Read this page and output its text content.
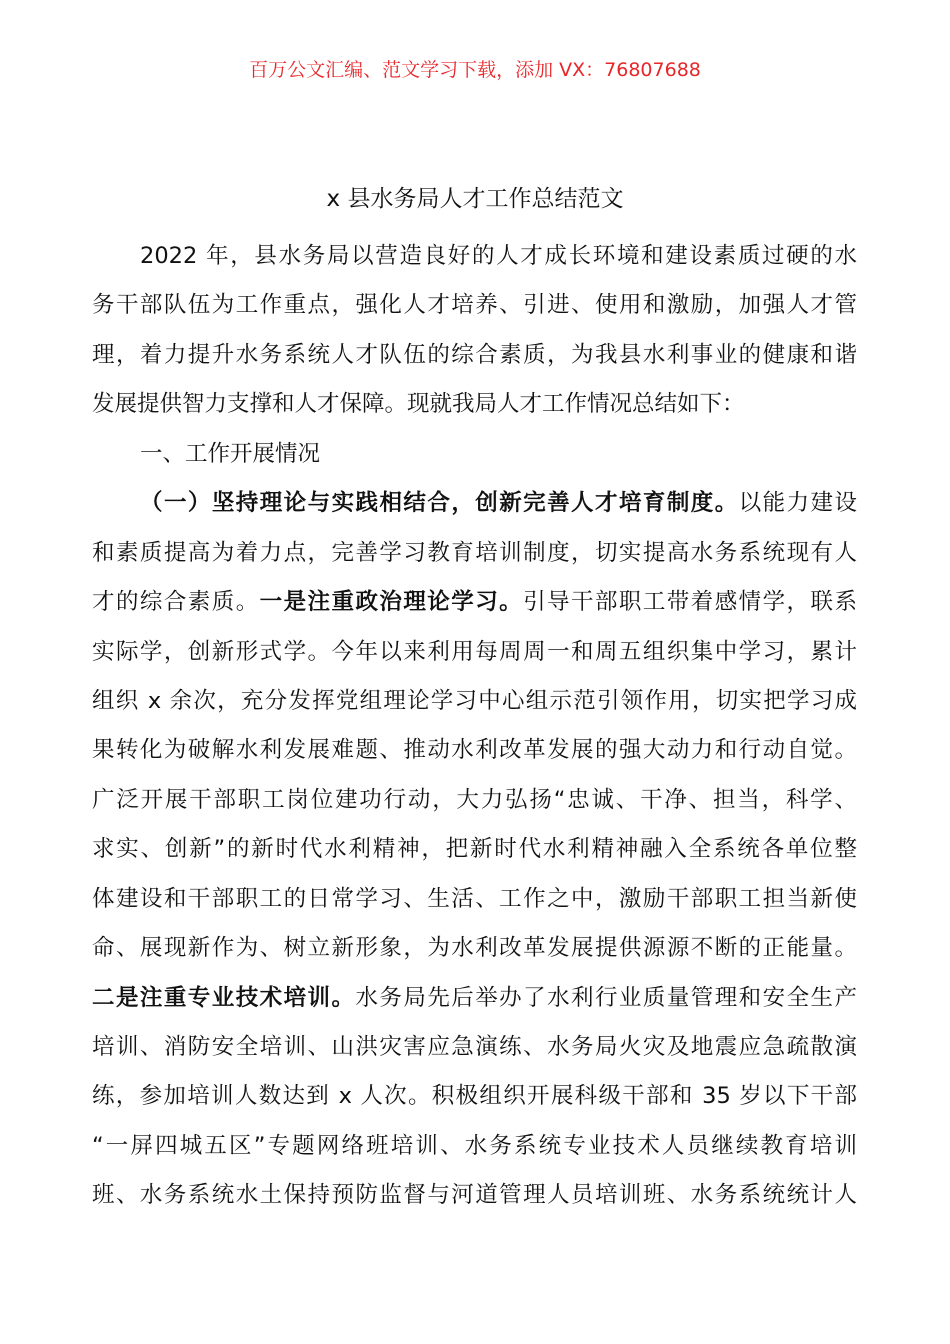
百万公文汇编、范文学习下载，添加 VX：76807688
x 县水务局人才工作总结范文
2022 年，县水务局以营造良好的人才成长环境和建设素质过硬的水
务干部队伍为工作重点，强化人才培养、引进、使用和激励，加强人才管
理，着力提升水务系统人才队伍的综合素质，为我县水利事业的健康和谐
发展提供智力支撑和人才保障。现就我局人才工作情况总结如下：
一、工作开展情况
（一）坚持理论与实践相结合，创新完善人才培育制度。以能力建设
和素质提高为着力点，完善学习教育培训制度，切实提高水务系统现有人
才的综合素质。一是注重政治理论学习。引导干部职工带着感情学，联系
实际学，创新形式学。今年以来利用每周周一和周五组织集中学习，累计
组织 x 余次，充分发挥党组理论学习中心组示范引领作用，切实把学习成
果转化为破解水利发展难题、推动水利改革发展的强大动力和行动自觉。
广泛开展干部职工岗位建功行动，大力弘扬“忠诚、干净、担当，科学、
求实、创新”的新时代水利精神，把新时代水利精神融入全系统各单位整
体建设和干部职工的日常学习、生活、工作之中，激励干部职工担当新使
命、展现新作为、树立新形象，为水利改革发展提供源源不断的正能量。
二是注重专业技术培训。水务局先后举办了水利行业质量管理和安全生产
培训、消防安全培训、山洪灾害应急演练、水务局火灾及地震应急疏散演
练，参加培训人数达到 x 人次。积极组织开展科级干部和 35 岁以下干部
“一屏四城五区”专题网络班培训、水务系统专业技术人员继续教育培训
班、水务系统水土保持预防监督与河道管理人员培训班、水务系统统计人
